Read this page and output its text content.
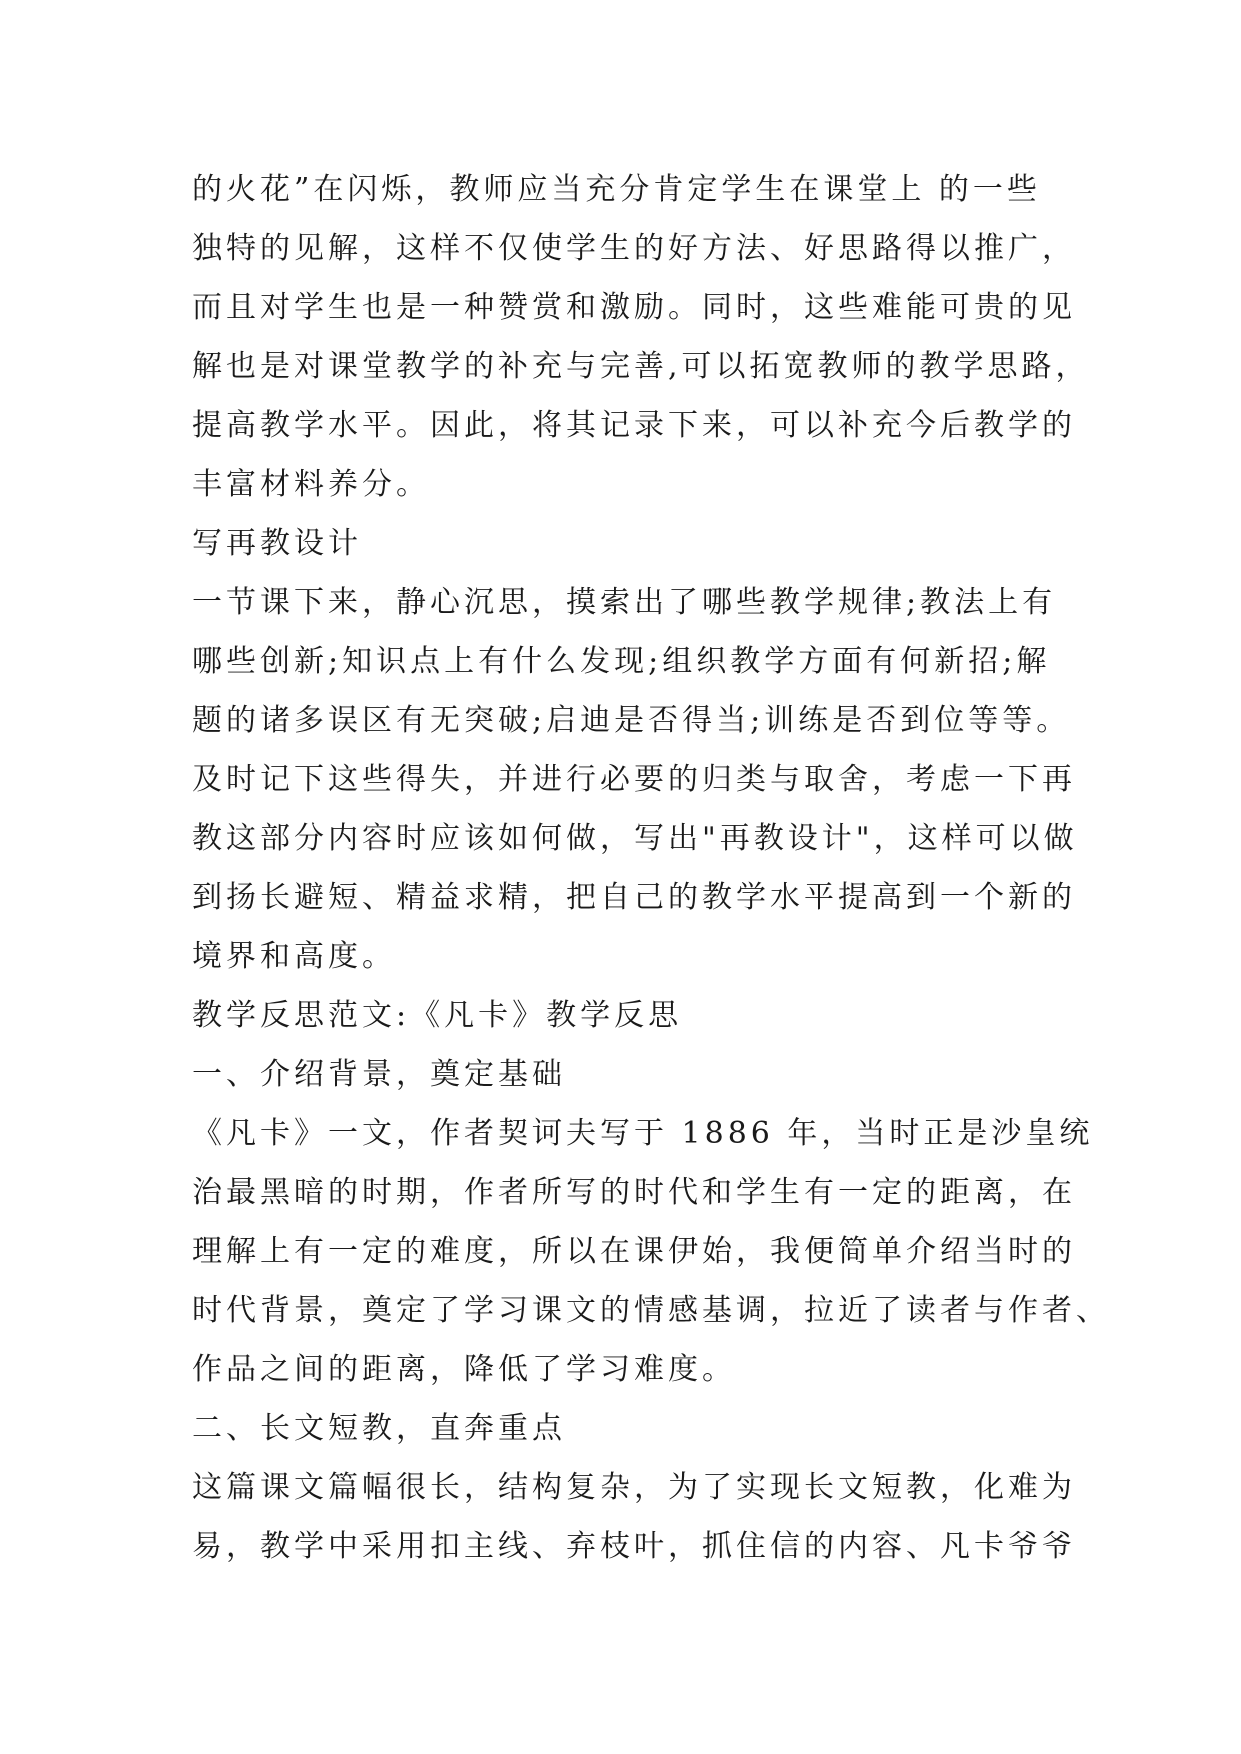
的火花”在闪烁，教师应当充分肯定学生在课堂上 的一些
独特的见解，这样不仅使学生的好方法、好思路得以推广，
而且对学生也是一种赞赏和激励。同时，这些难能可贵的见
解也是对课堂教学的补充与完善,可以拓宽教师的教学思路，
提高教学水平。因此，将其记录下来，可以补充今后教学的
丰富材料养分。
写再教设计
一节课下来，静心沉思，摸索出了哪些教学规律;教法上有
哪些创新;知识点上有什么发现;组织教学方面有何新招;解
题的诸多误区有无突破;启迪是否得当;训练是否到位等等。
及时记下这些得失，并进行必要的归类与取舍，考虑一下再
教这部分内容时应该如何做，写出"再教设计"，这样可以做
到扬长避短、精益求精，把自己的教学水平提高到一个新的
境界和高度。
教学反思范文:《凡卡》教学反思
一、介绍背景，奠定基础
《凡卡》一文，作者契诃夫写于 1886 年，当时正是沙皇统
治最黑暗的时期，作者所写的时代和学生有一定的距离，在
理解上有一定的难度，所以在课伊始，我便简单介绍当时的
时代背景，奠定了学习课文的情感基调，拉近了读者与作者、
作品之间的距离，降低了学习难度。
二、长文短教，直奔重点
这篇课文篇幅很长，结构复杂，为了实现长文短教，化难为
易，教学中采用扣主线、弃枝叶，抓住信的内容、凡卡爷爷
